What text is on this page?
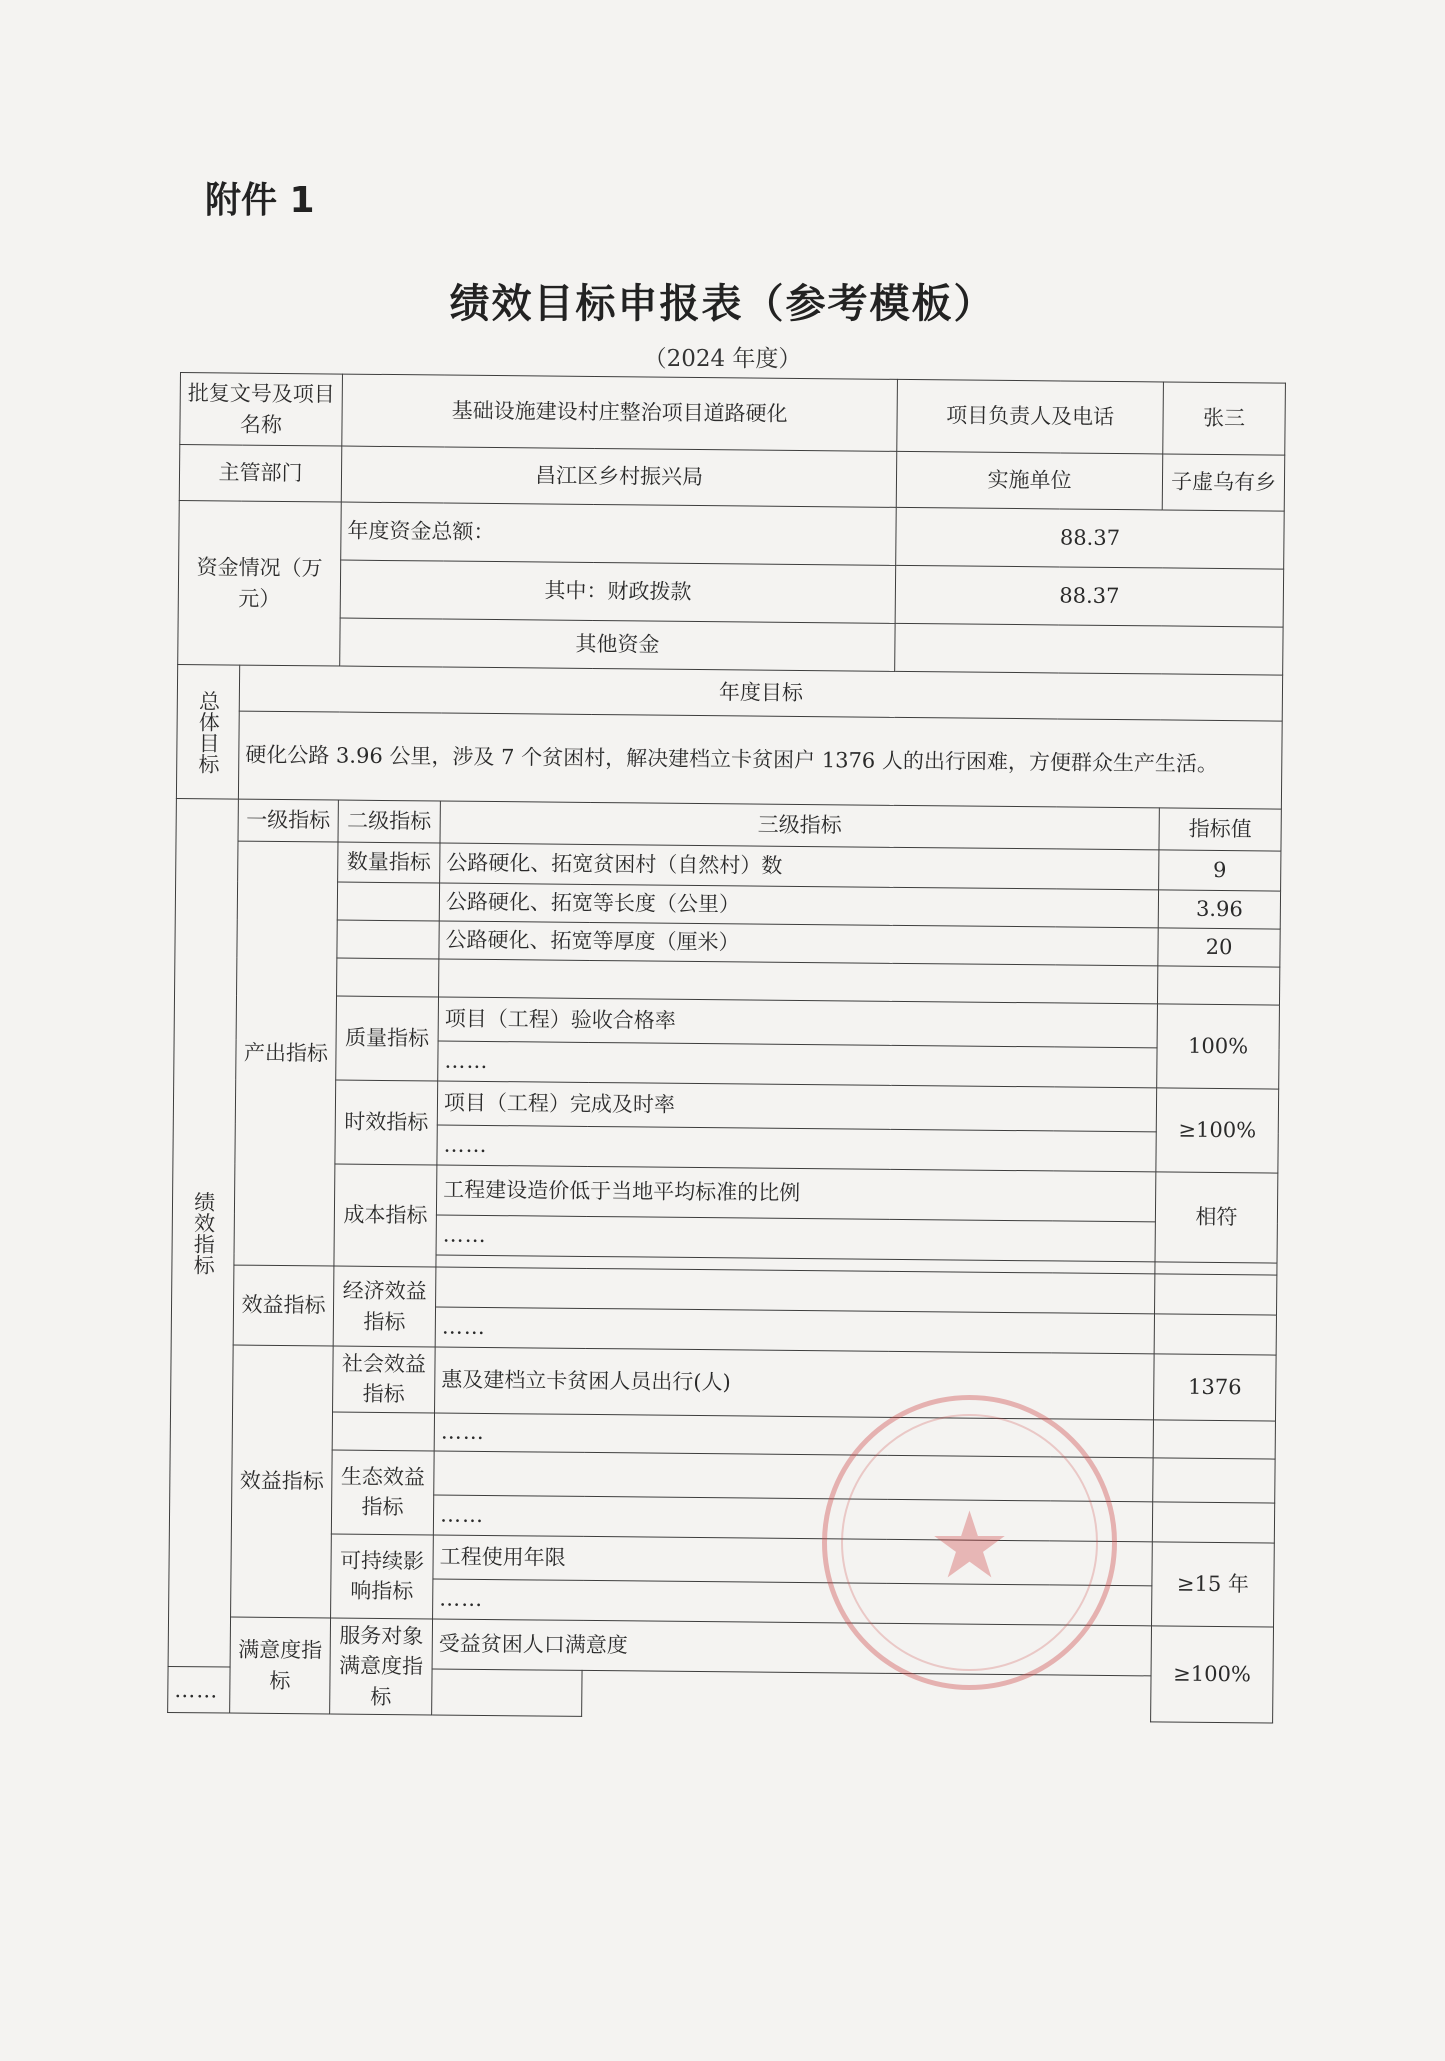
附件 1
绩效目标申报表（参考模板）
（2024 年度）
批复文号及项目名称		基础设施建设村庄整治项目道路硬化		项目负责人及电话	张三
主管部门		昌江区乡村振兴局		实施单位	子虚乌有乡
资金情况（万元）		年度资金总额：		88.37	
		其中：财政拨款		88.37	
		其他资金			
总体目标	年度目标				
	硬化公路 3.96 公里，涉及 7 个贫困村，解决建档立卡贫困户 1376 人的出行困难，方便群众生产生活。				
绩效指标	一级指标	二级指标	三级指标		指标值
	产出指标	数量指标	公路硬化、拓宽贫困村（自然村）数		9
			公路硬化、拓宽等长度（公里）		3.96
			公路硬化、拓宽等厚度（厘米）		20

		质量指标	项目（工程）验收合格率		100%
			……		
		时效指标	项目（工程）完成及时率		≥100%
			……		
		成本指标	工程建设造价低于当地平均标准的比例		相符
			……		

	效益指标	经济效益指标			
			……		
	效益指标	社会效益指标	惠及建档立卡贫困人员出行(人)		1376
			……		
		生态效益指标			
			……		
		可持续影响指标	工程使用年限		≥15 年
			……		
	满意度指标	服务对象满意度指标	受益贫困人口满意度		≥100%
……					
★
